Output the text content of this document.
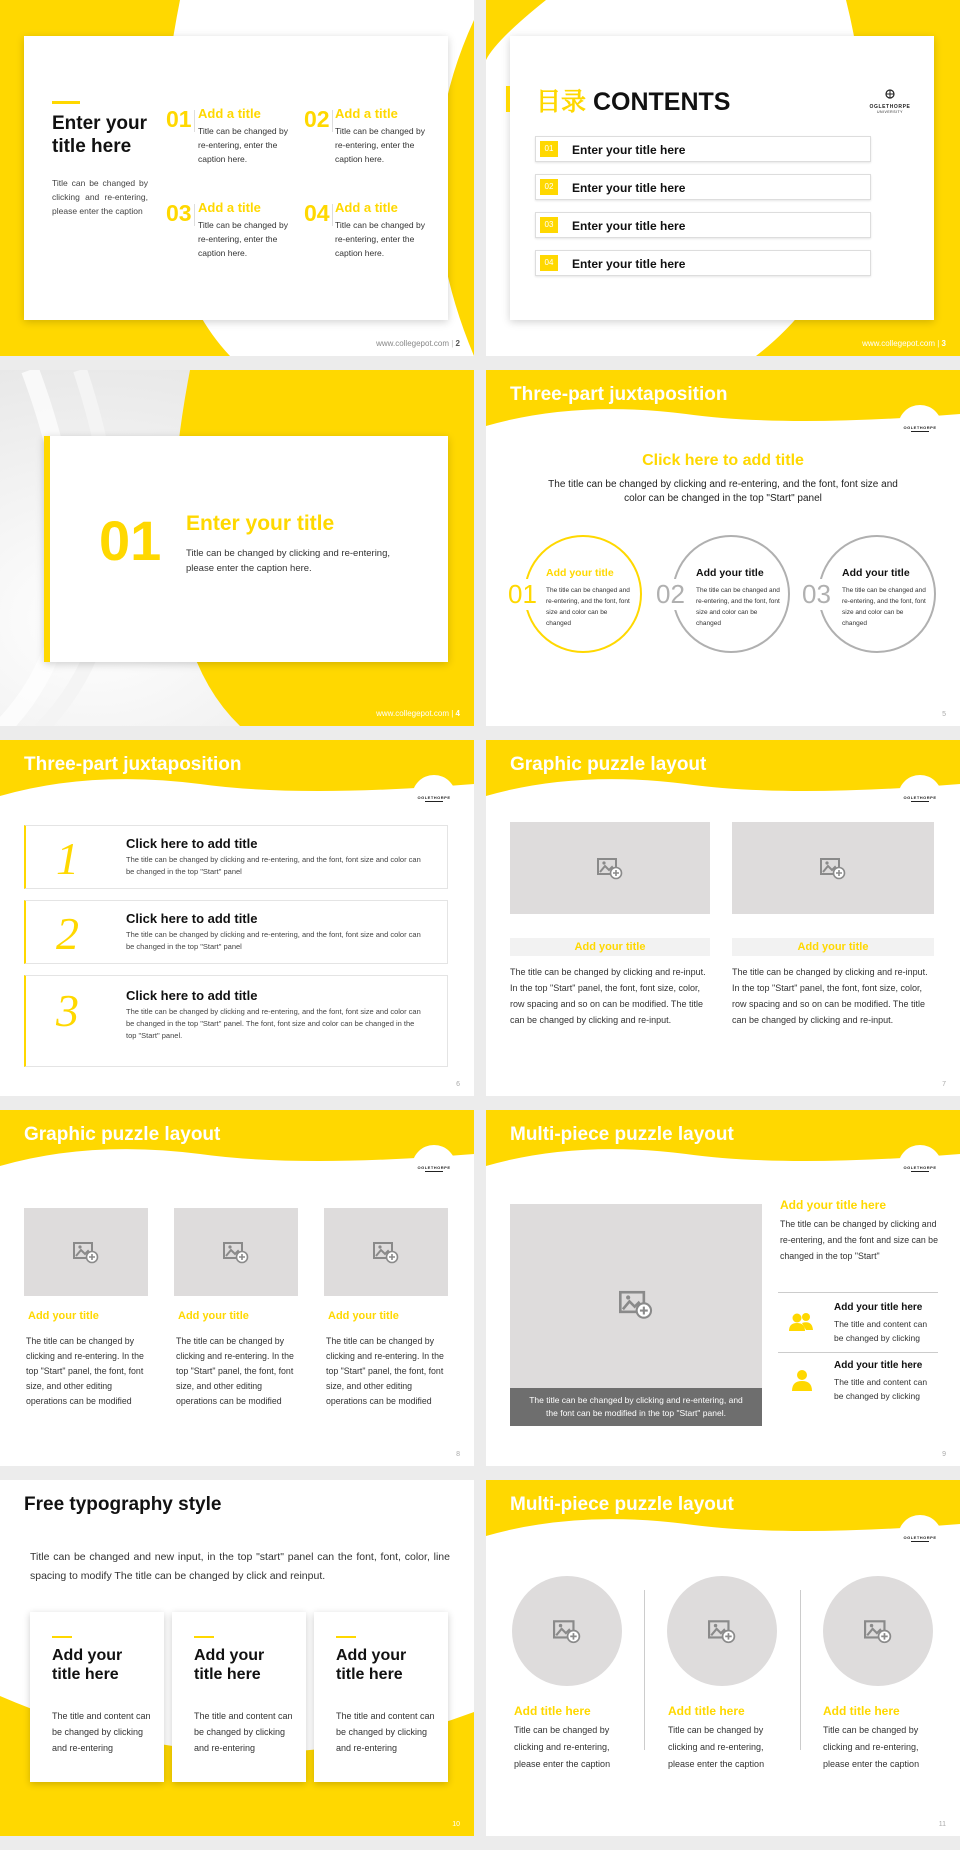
Enter your title here
Title can be changed by clicking and re-entering, please enter the caption
01 Add a title
Title can be changed by re-entering, enter the caption here.
02 Add a title
Title can be changed by re-entering, enter the caption here.
03 Add a title
Title can be changed by re-entering, enter the caption here.
04 Add a title
Title can be changed by re-entering, enter the caption here.
www.collegepot.com | 2
目录 CONTENTS	OGLETHORPE
UNIVERSITY
01	Enter your title here
02	Enter your title here
03	Enter your title here
04	Enter your title here
www.collegepot.com | 3
01 Enter your title
Title can be changed by clicking and re-entering, please enter the caption here.
www.collegepot.com | 4
Three-part juxtaposition
OGLETHORPE
Click here to add title
The title can be changed by clicking and re-entering, and the font, font size and color can be changed in the top "Start" panel
01
Add your title
The title can be changed and re-entering, and the font, font size and color can be changed
02
Add your title
The title can be changed and re-entering, and the font, font size and color can be changed
03
Add your title
The title can be changed and re-entering, and the font, font size and color can be changed
5
Three-part juxtaposition
OGLETHORPE
1	Click here to add title
The title can be changed by clicking and re-entering, and the font, font size and color can be changed in the top "Start" panel
2	Click here to add title
The title can be changed by clicking and re-entering, and the font, font size and color can be changed in the top "Start" panel
3	Click here to add title
The title can be changed by clicking and re-entering, and the font, font size and color can be changed in the top "Start" panel. The font, font size and color can be changed in the top "Start" panel.
6
Graphic puzzle layout
OGLETHORPE
Add your title	Add your title
The title can be changed by clicking and re-input. In the top "Start" panel, the font, font size, color, row spacing and so on can be modified. The title can be changed by clicking and re-input.
The title can be changed by clicking and re-input. In the top "Start" panel, the font, font size, color, row spacing and so on can be modified. The title can be changed by clicking and re-input.
7
Graphic puzzle layout
OGLETHORPE
Add your title	Add your title	Add your title
The title can be changed by clicking and re-entering. In the top "Start" panel, the font, font size, and other editing operations can be modified
The title can be changed by clicking and re-entering. In the top "Start" panel, the font, font size, and other editing operations can be modified
The title can be changed by clicking and re-entering. In the top "Start" panel, the font, font size, and other editing operations can be modified
8
Multi-piece puzzle layout
OGLETHORPE
The title can be changed by clicking and re-entering, and the font can be modified in the top "Start" panel.
Add your title here
The title can be changed by clicking and re-entering, and the font and size can be changed in the top "Start"
Add your title here
The title and content can be changed by clicking
Add your title here
The title and content can be changed by clicking
9
Free typography style
Title can be changed and new input, in the top "start" panel can the font, font, color, line spacing to modify The title can be changed by click and reinput.
Add your title here
The title and content can be changed by clicking and re-entering
Add your title here
The title and content can be changed by clicking and re-entering
Add your title here
The title and content can be changed by clicking and re-entering
10
Multi-piece puzzle layout
OGLETHORPE
Add title here	Add title here	Add title here
Title can be changed by clicking and re-entering, please enter the caption
Title can be changed by clicking and re-entering, please enter the caption
Title can be changed by clicking and re-entering, please enter the caption
11
